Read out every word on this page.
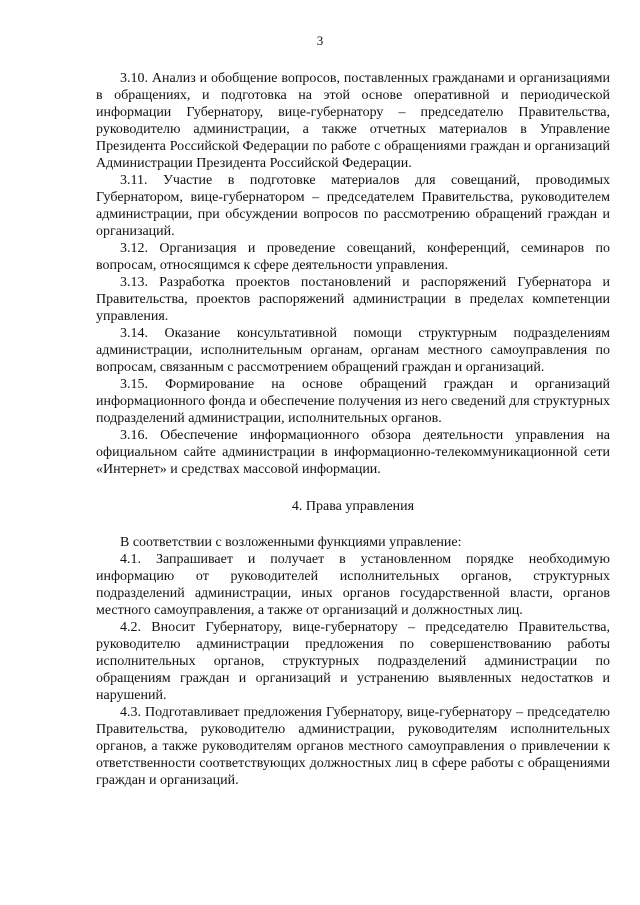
3

3.10. Анализ и обобщение вопросов, поставленных гражданами и организациями в обращениях, и подготовка на этой основе оперативной и периодической информации Губернатору, вице-губернатору – председателю Правительства, руководителю администрации, а также отчетных материалов в Управление Президента Российской Федерации по работе с обращениями граждан и организаций Администрации Президента Российской Федерации.

3.11. Участие в подготовке материалов для совещаний, проводимых Губернатором, вице-губернатором – председателем Правительства, руководителем администрации, при обсуждении вопросов по рассмотрению обращений граждан и организаций.

3.12. Организация и проведение совещаний, конференций, семинаров по вопросам, относящимся к сфере деятельности управления.

3.13. Разработка проектов постановлений и распоряжений Губернатора и Правительства, проектов распоряжений администрации в пределах компетенции управления.

3.14. Оказание консультативной помощи структурным подразделениям администрации, исполнительным органам, органам местного самоуправления по вопросам, связанным с рассмотрением обращений граждан и организаций.

3.15. Формирование на основе обращений граждан и организаций информационного фонда и обеспечение получения из него сведений для структурных подразделений администрации, исполнительных органов.

3.16. Обеспечение информационного обзора деятельности управления на официальном сайте администрации в информационно-телекоммуникационной сети «Интернет» и средствах массовой информации.

4. Права управления

В соответствии с возложенными функциями управление:

4.1. Запрашивает и получает в установленном порядке необходимую информацию от руководителей исполнительных органов, структурных подразделений администрации, иных органов государственной власти, органов местного самоуправления, а также от организаций и должностных лиц.

4.2. Вносит Губернатору, вице-губернатору – председателю Правительства, руководителю администрации предложения по совершенствованию работы исполнительных органов, структурных подразделений администрации по обращениям граждан и организаций и устранению выявленных недостатков и нарушений.

4.3. Подготавливает предложения Губернатору, вице-губернатору – председателю Правительства, руководителю администрации, руководителям исполнительных органов, а также руководителям органов местного самоуправления о привлечении к ответственности соответствующих должностных лиц в сфере работы с обращениями граждан и организаций.
